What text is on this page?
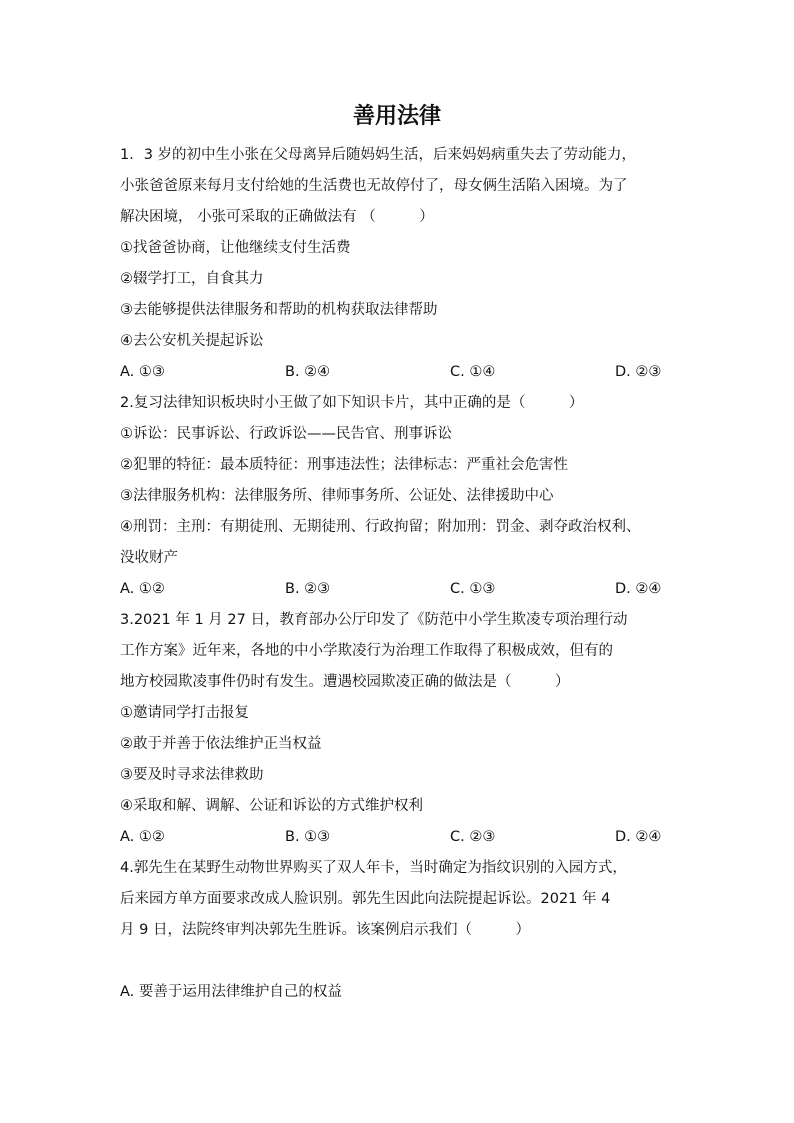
善用法律
1．3 岁的初中生小张在父母离异后随妈妈生活，后来妈妈病重失去了劳动能力，
小张爸爸原来每月支付给她的生活费也无故停付了，母女俩生活陷入困境。为了
解决困境， 小张可采取的正确做法有 （　　　）
①找爸爸协商，让他继续支付生活费
②辍学打工，自食其力
③去能够提供法律服务和帮助的机构获取法律帮助
④去公安机关提起诉讼
A. ①③	B. ②④	C. ①④	D. ②③
2.复习法律知识板块时小王做了如下知识卡片，其中正确的是（　　　）
①诉讼：民事诉讼、行政诉讼——民告官、刑事诉讼
②犯罪的特征：最本质特征：刑事违法性；法律标志：严重社会危害性
③法律服务机构：法律服务所、律师事务所、公证处、法律援助中心
④刑罚：主刑：有期徒刑、无期徒刑、行政拘留；附加刑：罚金、剥夺政治权利、
没收财产
A. ①②	B. ②③	C. ①③	D. ②④
3.2021 年 1 月 27 日，教育部办公厅印发了《防范中小学生欺凌专项治理行动
工作方案》近年来，各地的中小学欺凌行为治理工作取得了积极成效，但有的
地方校园欺凌事件仍时有发生。遭遇校园欺凌正确的做法是（　　　）
①邀请同学打击报复
②敢于并善于依法维护正当权益
③要及时寻求法律救助
④采取和解、调解、公证和诉讼的方式维护权利
A. ①②	B. ①③	C. ②③	D. ②④
4.郭先生在某野生动物世界购买了双人年卡，当时确定为指纹识别的入园方式，
后来园方单方面要求改成人脸识别。郭先生因此向法院提起诉讼。2021 年 4
月 9 日，法院终审判决郭先生胜诉。该案例启示我们（　　　）
A. 要善于运用法律维护自己的权益
